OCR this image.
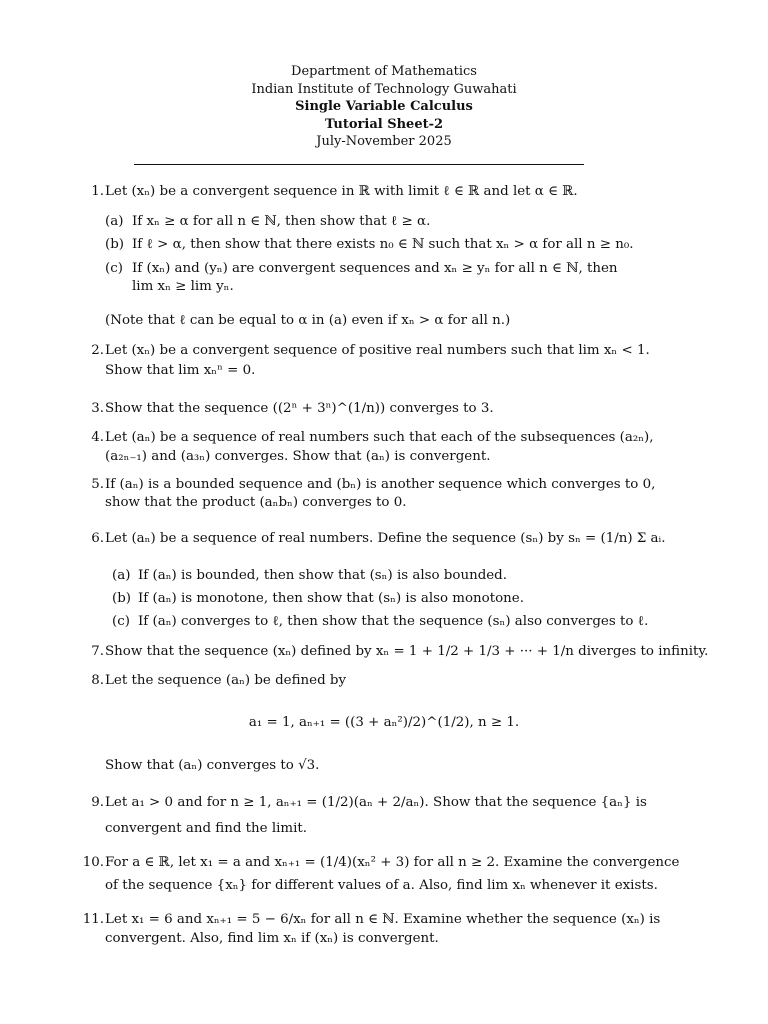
Department of Mathematics
Indian Institute of Technology Guwahati
Single Variable Calculus
Tutorial Sheet-2
July-November 2025
1. Let (xₙ) be a convergent sequence in ℝ with limit ℓ ∈ ℝ and let α ∈ ℝ.
(a) If xₙ ≥ α for all n ∈ ℕ, then show that ℓ ≥ α.
(b) If ℓ > α, then show that there exists n₀ ∈ ℕ such that xₙ > α for all n ≥ n₀.
(c) If (xₙ) and (yₙ) are convergent sequences and xₙ ≥ yₙ for all n ∈ ℕ, then
lim xₙ ≥ lim yₙ.
(Note that ℓ can be equal to α in (a) even if xₙ > α for all n.)
2. Let (xₙ) be a convergent sequence of positive real numbers such that lim xₙ < 1.
Show that lim xₙⁿ = 0.
3. Show that the sequence ((2ⁿ + 3ⁿ)^(1/n)) converges to 3.
4. Let (aₙ) be a sequence of real numbers such that each of the subsequences (a₂ₙ),
(a₂ₙ₋₁) and (a₃ₙ) converges. Show that (aₙ) is convergent.
5. If (aₙ) is a bounded sequence and (bₙ) is another sequence which converges to 0,
show that the product (aₙbₙ) converges to 0.
6. Let (aₙ) be a sequence of real numbers. Define the sequence (sₙ) by sₙ = (1/n) Σ aᵢ.
(a) If (aₙ) is bounded, then show that (sₙ) is also bounded.
(b) If (aₙ) is monotone, then show that (sₙ) is also monotone.
(c) If (aₙ) converges to ℓ, then show that the sequence (sₙ) also converges to ℓ.
7. Show that the sequence (xₙ) defined by xₙ = 1 + 1/2 + 1/3 + ··· + 1/n diverges to infinity.
8. Let the sequence (aₙ) be defined by
a₁ = 1, aₙ₊₁ = ((3 + aₙ²)/2)^(1/2), n ≥ 1.
Show that (aₙ) converges to √3.
9. Let a₁ > 0 and for n ≥ 1, aₙ₊₁ = (1/2)(aₙ + 2/aₙ). Show that the sequence {aₙ} is
convergent and find the limit.
10. For a ∈ ℝ, let x₁ = a and xₙ₊₁ = (1/4)(xₙ² + 3) for all n ≥ 2. Examine the convergence
of the sequence {xₙ} for different values of a. Also, find lim xₙ whenever it exists.
11. Let x₁ = 6 and xₙ₊₁ = 5 − 6/xₙ for all n ∈ ℕ. Examine whether the sequence (xₙ) is
convergent. Also, find lim xₙ if (xₙ) is convergent.
